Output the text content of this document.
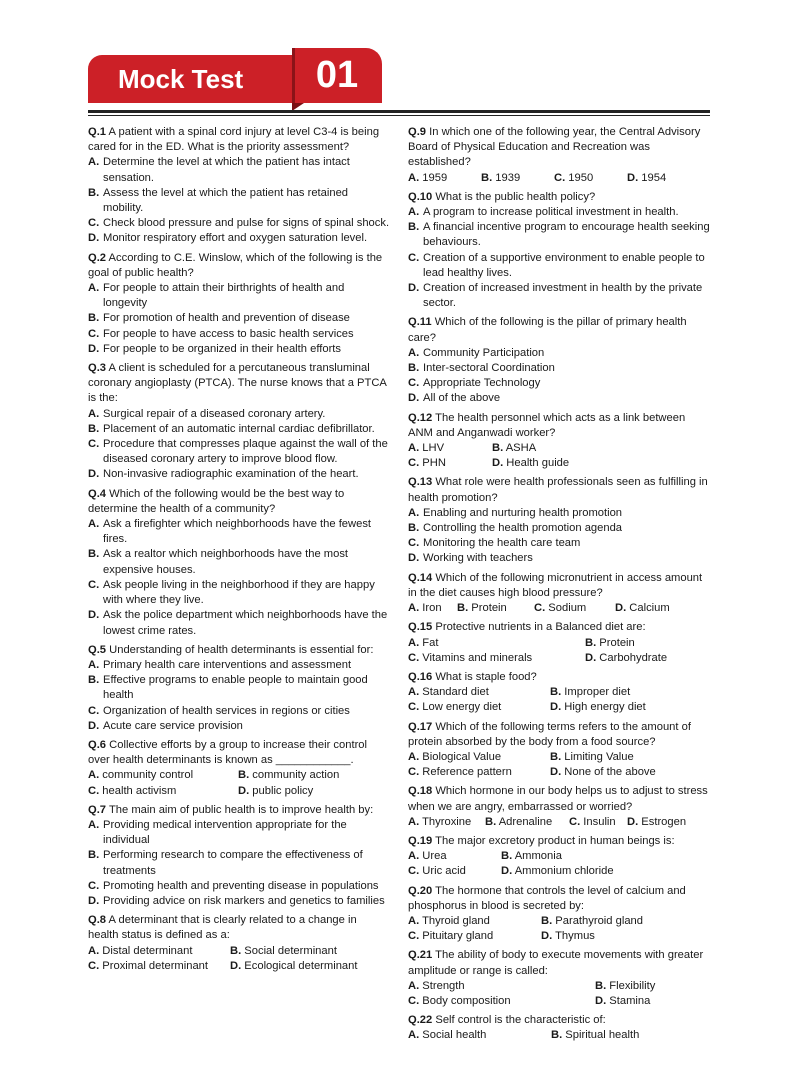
Mock Test	01
Q.1 A patient with a spinal cord injury at level C3-4 is being cared for in the ED. What is the priority assessment?
A. Determine the level at which the patient has intact sensation.
B. Assess the level at which the patient has retained mobility.
C. Check blood pressure and pulse for signs of spinal shock.
D. Monitor respiratory effort and oxygen saturation level.
Q.2 According to C.E. Winslow, which of the following is the goal of public health?
A. For people to attain their birthrights of health and longevity
B. For promotion of health and prevention of disease
C. For people to have access to basic health services
D. For people to be organized in their health efforts
Q.3 A client is scheduled for a percutaneous transluminal coronary angioplasty (PTCA). The nurse knows that a PTCA is the:
A. Surgical repair of a diseased coronary artery.
B. Placement of an automatic internal cardiac defibrillator.
C. Procedure that compresses plaque against the wall of the diseased coronary artery to improve blood flow.
D. Non-invasive radiographic examination of the heart.
Q.4 Which of the following would be the best way to determine the health of a community?
A. Ask a firefighter which neighborhoods have the fewest fires.
B. Ask a realtor which neighborhoods have the most expensive houses.
C. Ask people living in the neighborhood if they are happy with where they live.
D. Ask the police department which neighborhoods have the lowest crime rates.
Q.5 Understanding of health determinants is essential for:
A. Primary health care interventions and assessment
B. Effective programs to enable people to maintain good health
C. Organization of health services in regions or cities
D. Acute care service provision
Q.6 Collective efforts by a group to increase their control over health determinants is known as ____________.
A. community control	B. community action
C. health activism	D. public policy
Q.7 The main aim of public health is to improve health by:
A. Providing medical intervention appropriate for the individual
B. Performing research to compare the effectiveness of treatments
C. Promoting health and preventing disease in populations
D. Providing advice on risk markers and genetics to families
Q.8 A determinant that is clearly related to a change in health status is defined as a:
A. Distal determinant	B. Social determinant
C. Proximal determinant	D. Ecological determinant
Q.9 In which one of the following year, the Central Advisory Board of Physical Education and Recreation was established?
A. 1959	B. 1939	C. 1950	D. 1954
Q.10 What is the public health policy?
A. A program to increase political investment in health.
B. A financial incentive program to encourage health seeking behaviours.
C. Creation of a supportive environment to enable people to lead healthy lives.
D. Creation of increased investment in health by the private sector.
Q.11 Which of the following is the pillar of primary health care?
A. Community Participation
B. Inter-sectoral Coordination
C. Appropriate Technology
D. All of the above
Q.12 The health personnel which acts as a link between ANM and Anganwadi worker?
A. LHV	B. ASHA
C. PHN	D. Health guide
Q.13 What role were health professionals seen as fulfilling in health promotion?
A. Enabling and nurturing health promotion
B. Controlling the health promotion agenda
C. Monitoring the health care team
D. Working with teachers
Q.14 Which of the following micronutrient in access amount in the diet causes high blood pressure?
A. Iron	B. Protein	C. Sodium	D. Calcium
Q.15 Protective nutrients in a Balanced diet are:
A. Fat	B. Protein
C. Vitamins and minerals	D. Carbohydrate
Q.16 What is staple food?
A. Standard diet	B. Improper diet
C. Low energy diet	D. High energy diet
Q.17 Which of the following terms refers to the amount of protein absorbed by the body from a food source?
A. Biological Value	B. Limiting Value
C. Reference pattern	D. None of the above
Q.18 Which hormone in our body helps us to adjust to stress when we are angry, embarrassed or worried?
A. Thyroxine	B. Adrenaline	C. Insulin	D. Estrogen
Q.19 The major excretory product in human beings is:
A. Urea	B. Ammonia
C. Uric acid	D. Ammonium chloride
Q.20 The hormone that controls the level of calcium and phosphorus in blood is secreted by:
A. Thyroid gland	B. Parathyroid gland
C. Pituitary gland	D. Thymus
Q.21 The ability of body to execute movements with greater amplitude or range is called:
A. Strength	B. Flexibility
C. Body composition	D. Stamina
Q.22 Self control is the characteristic of:
A. Social health	B. Spiritual health
